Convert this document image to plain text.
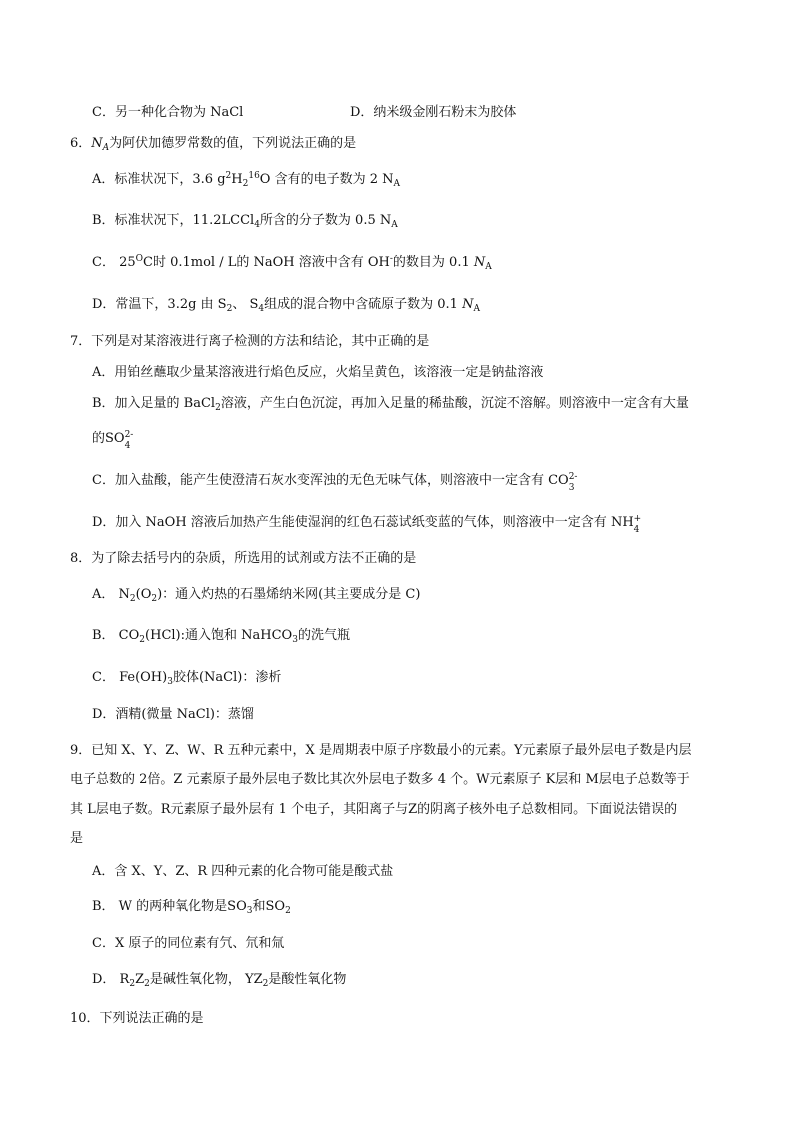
C．另一种化合物为 NaCl	D．纳米级金刚石粉末为胶体
6．$N_A$为阿伏加德罗常数的值，下列说法正确的是
A．标准状况下，3.6 $g^2H_2^{16}O$ 含有的电子数为 2 $N_A$
B．标准状况下，11.2LCCl$_4$所含的分子数为 0.5 $N_A$
C． $25^OC$时 0.1mol / L的 NaOH 溶液中含有 OH-的数目为 0.1 $N_A$
D．常温下，3.2g 由 $S_2$、 $S_4$组成的混合物中含硫原子数为 0.1 $N_A$
7．下列是对某溶液进行离子检测的方法和结论，其中正确的是
A．用铂丝蘸取少量某溶液进行焰色反应，火焰呈黄色，该溶液一定是钠盐溶液
B．加入足量的 BaCl$_2$溶液，产生白色沉淀，再加入足量的稀盐酸，沉淀不溶解。则溶液中一定含有大量
的SO 2-
4
C．加入盐酸，能产生使澄清石灰水变浑浊的无色无味气体，则溶液中一定含有 CO 2-
3
D．加入 NaOH 溶液后加热产生能使湿润的红色石蕊试纸变蓝的气体，则溶液中一定含有 NH +
4
8．为了除去括号内的杂质，所选用的试剂或方法不正确的是
A． $N_2(O_2)$：通入灼热的石墨烯纳米网(其主要成分是 C)
B． $CO_2(HCl)$:通入饱和 NaHCO$_3$的洗气瓶
C． $Fe(OH)_3$胶体(NaCl)：渗析
D．酒精(微量 NaCl)：蒸馏
9．已知 X、Y、Z、W、R 五种元素中，X 是周期表中原子序数最小的元素。Y元素原子最外层电子数是内层
电子总数的 2倍。Z 元素原子最外层电子数比其次外层电子数多 4 个。W元素原子 K层和 M层电子总数等于
其 L层电子数。R元素原子最外层有 1 个电子，其阳离子与Z的阴离子核外电子总数相同。下面说法错误的
是
A．含 X、Y、Z、R 四种元素的化合物可能是酸式盐
B． W 的两种氧化物是$SO_3$和$SO_2$
C．X 原子的同位素有氕、氘和氚
D． $R_2Z_2$是碱性氧化物， $YZ_2$是酸性氧化物
10．下列说法正确的是
